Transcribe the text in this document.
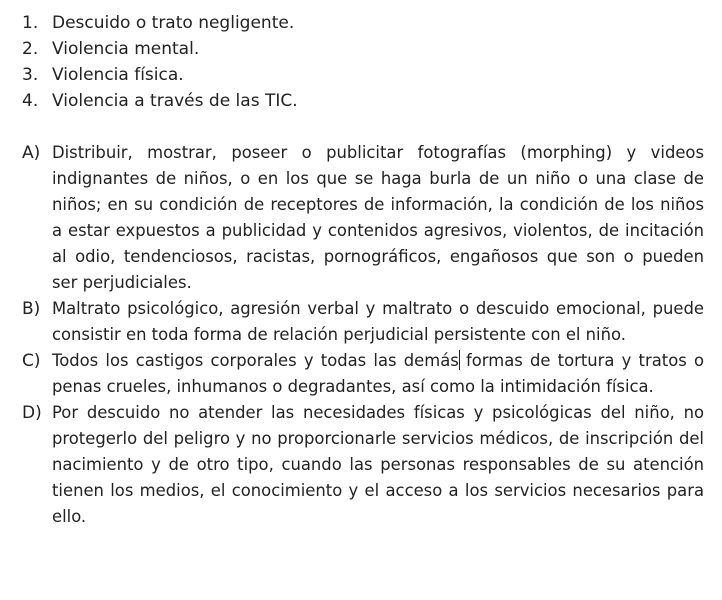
1. Descuido o trato negligente.
2. Violencia mental.
3. Violencia física.
4. Violencia a través de las TIC.
A) Distribuir, mostrar, poseer o publicitar fotografías (morphing) y videos indignantes de niños, o en los que se haga burla de un niño o una clase de niños; en su condición de receptores de información, la condición de los niños a estar expuestos a publicidad y contenidos agresivos, violentos, de incitación al odio, tendenciosos, racistas, pornográficos, engañosos que son o pueden ser perjudiciales.
B) Maltrato psicológico, agresión verbal y maltrato o descuido emocional, puede consistir en toda forma de relación perjudicial persistente con el niño.
C) Todos los castigos corporales y todas las demás formas de tortura y tratos o penas crueles, inhumanos o degradantes, así como la intimidación física.
D) Por descuido no atender las necesidades físicas y psicológicas del niño, no protegerlo del peligro y no proporcionarle servicios médicos, de inscripción del nacimiento y de otro tipo, cuando las personas responsables de su atención tienen los medios, el conocimiento y el acceso a los servicios necesarios para ello.
